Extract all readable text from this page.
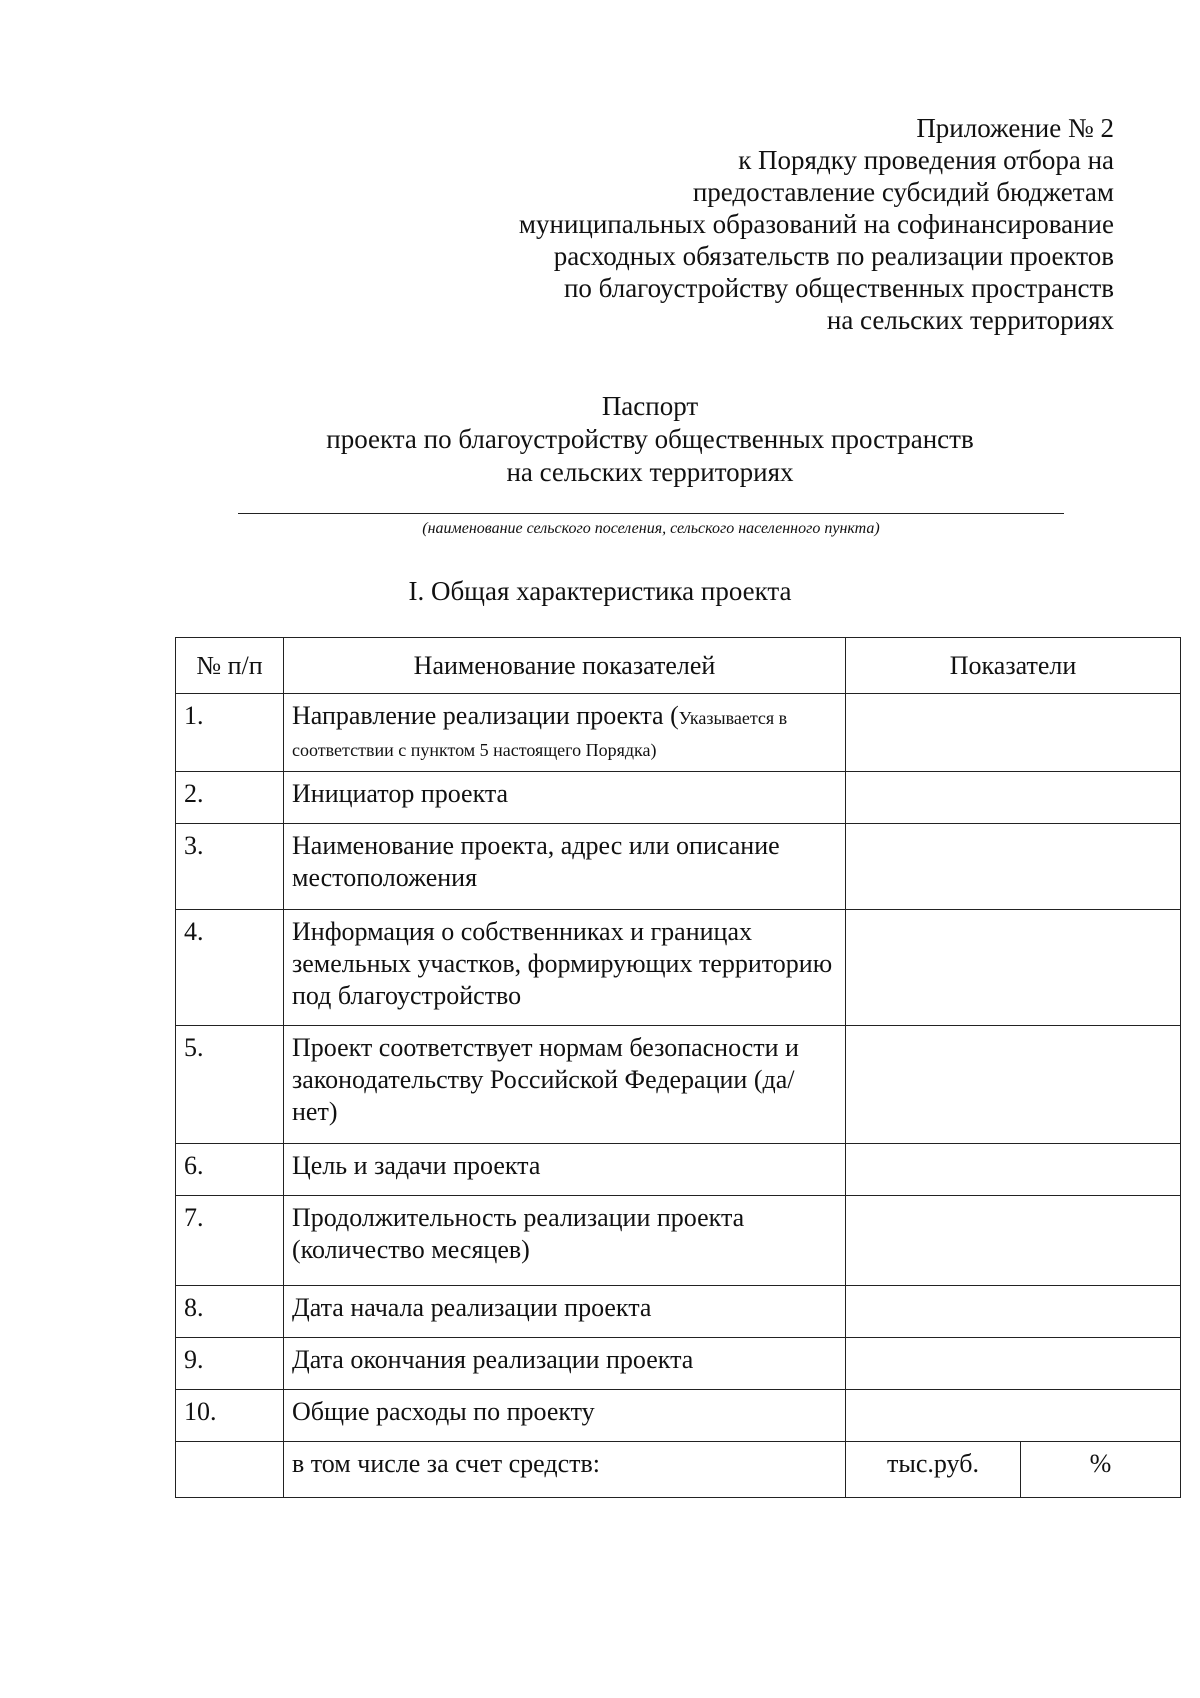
Приложение № 2
к Порядку проведения отбора на
предоставление субсидий бюджетам
муниципальных образований на софинансирование
расходных обязательств по реализации проектов
по благоустройству общественных пространств
на сельских территориях
Паспорт
проекта по благоустройству общественных пространств
на сельских территориях
(наименование сельского поселения, сельского населенного пункта)
I. Общая характеристика проекта
№ п/п	Наименование показателей	Показатели	
1.	Направление реализации проекта (Указывается в соответствии с пунктом 5 настоящего Порядка)		
2.	Инициатор проекта		
3.	Наименование проекта, адрес или описание местоположения		
4.	Информация о собственниках и границах земельных участков, формирующих территорию под благоустройство		
5.	Проект соответствует нормам безопасности и законодательству Российской Федерации (да/нет)		
6.	Цель и задачи проекта		
7.	Продолжительность реализации проекта (количество месяцев)		
8.	Дата начала реализации проекта		
9.	Дата окончания реализации проекта		
10.	Общие расходы по проекту		
	в том числе за счет средств:	тыс.руб.	%
